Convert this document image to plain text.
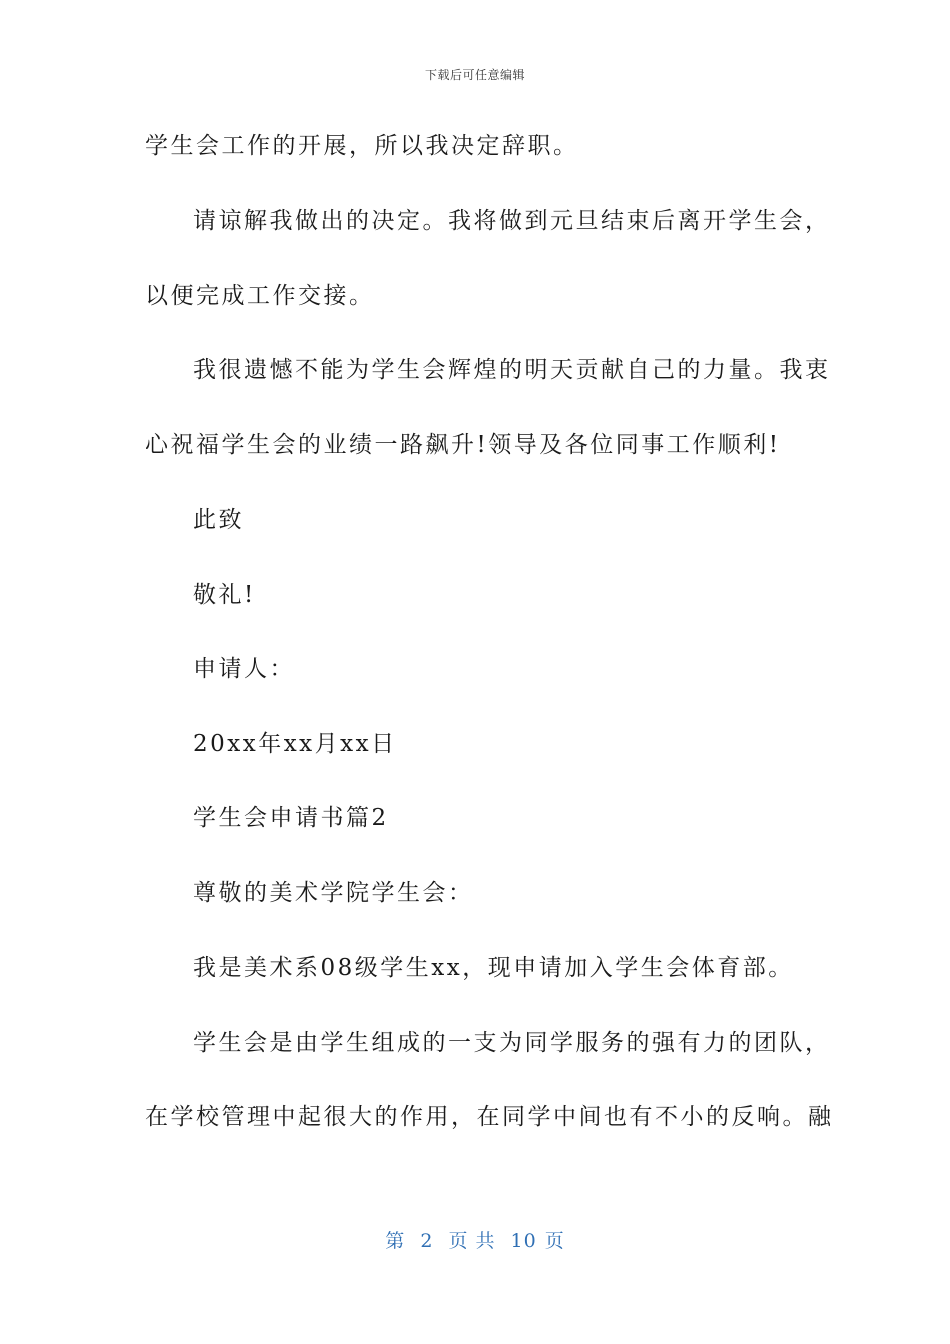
下载后可任意编辑
学生会工作的开展，所以我决定辞职。
请谅解我做出的决定。我将做到元旦结束后离开学生会，
以便完成工作交接。
我很遗憾不能为学生会辉煌的明天贡献自己的力量。我衷
心祝福学生会的业绩一路飙升!领导及各位同事工作顺利!
此致
敬礼!
申请人：
20xx年xx月xx日
学生会申请书篇2
尊敬的美术学院学生会：
我是美术系08级学生xx，现申请加入学生会体育部。
学生会是由学生组成的一支为同学服务的强有力的团队，
在学校管理中起很大的作用，在同学中间也有不小的反响。融
第 2 页 共 10 页
